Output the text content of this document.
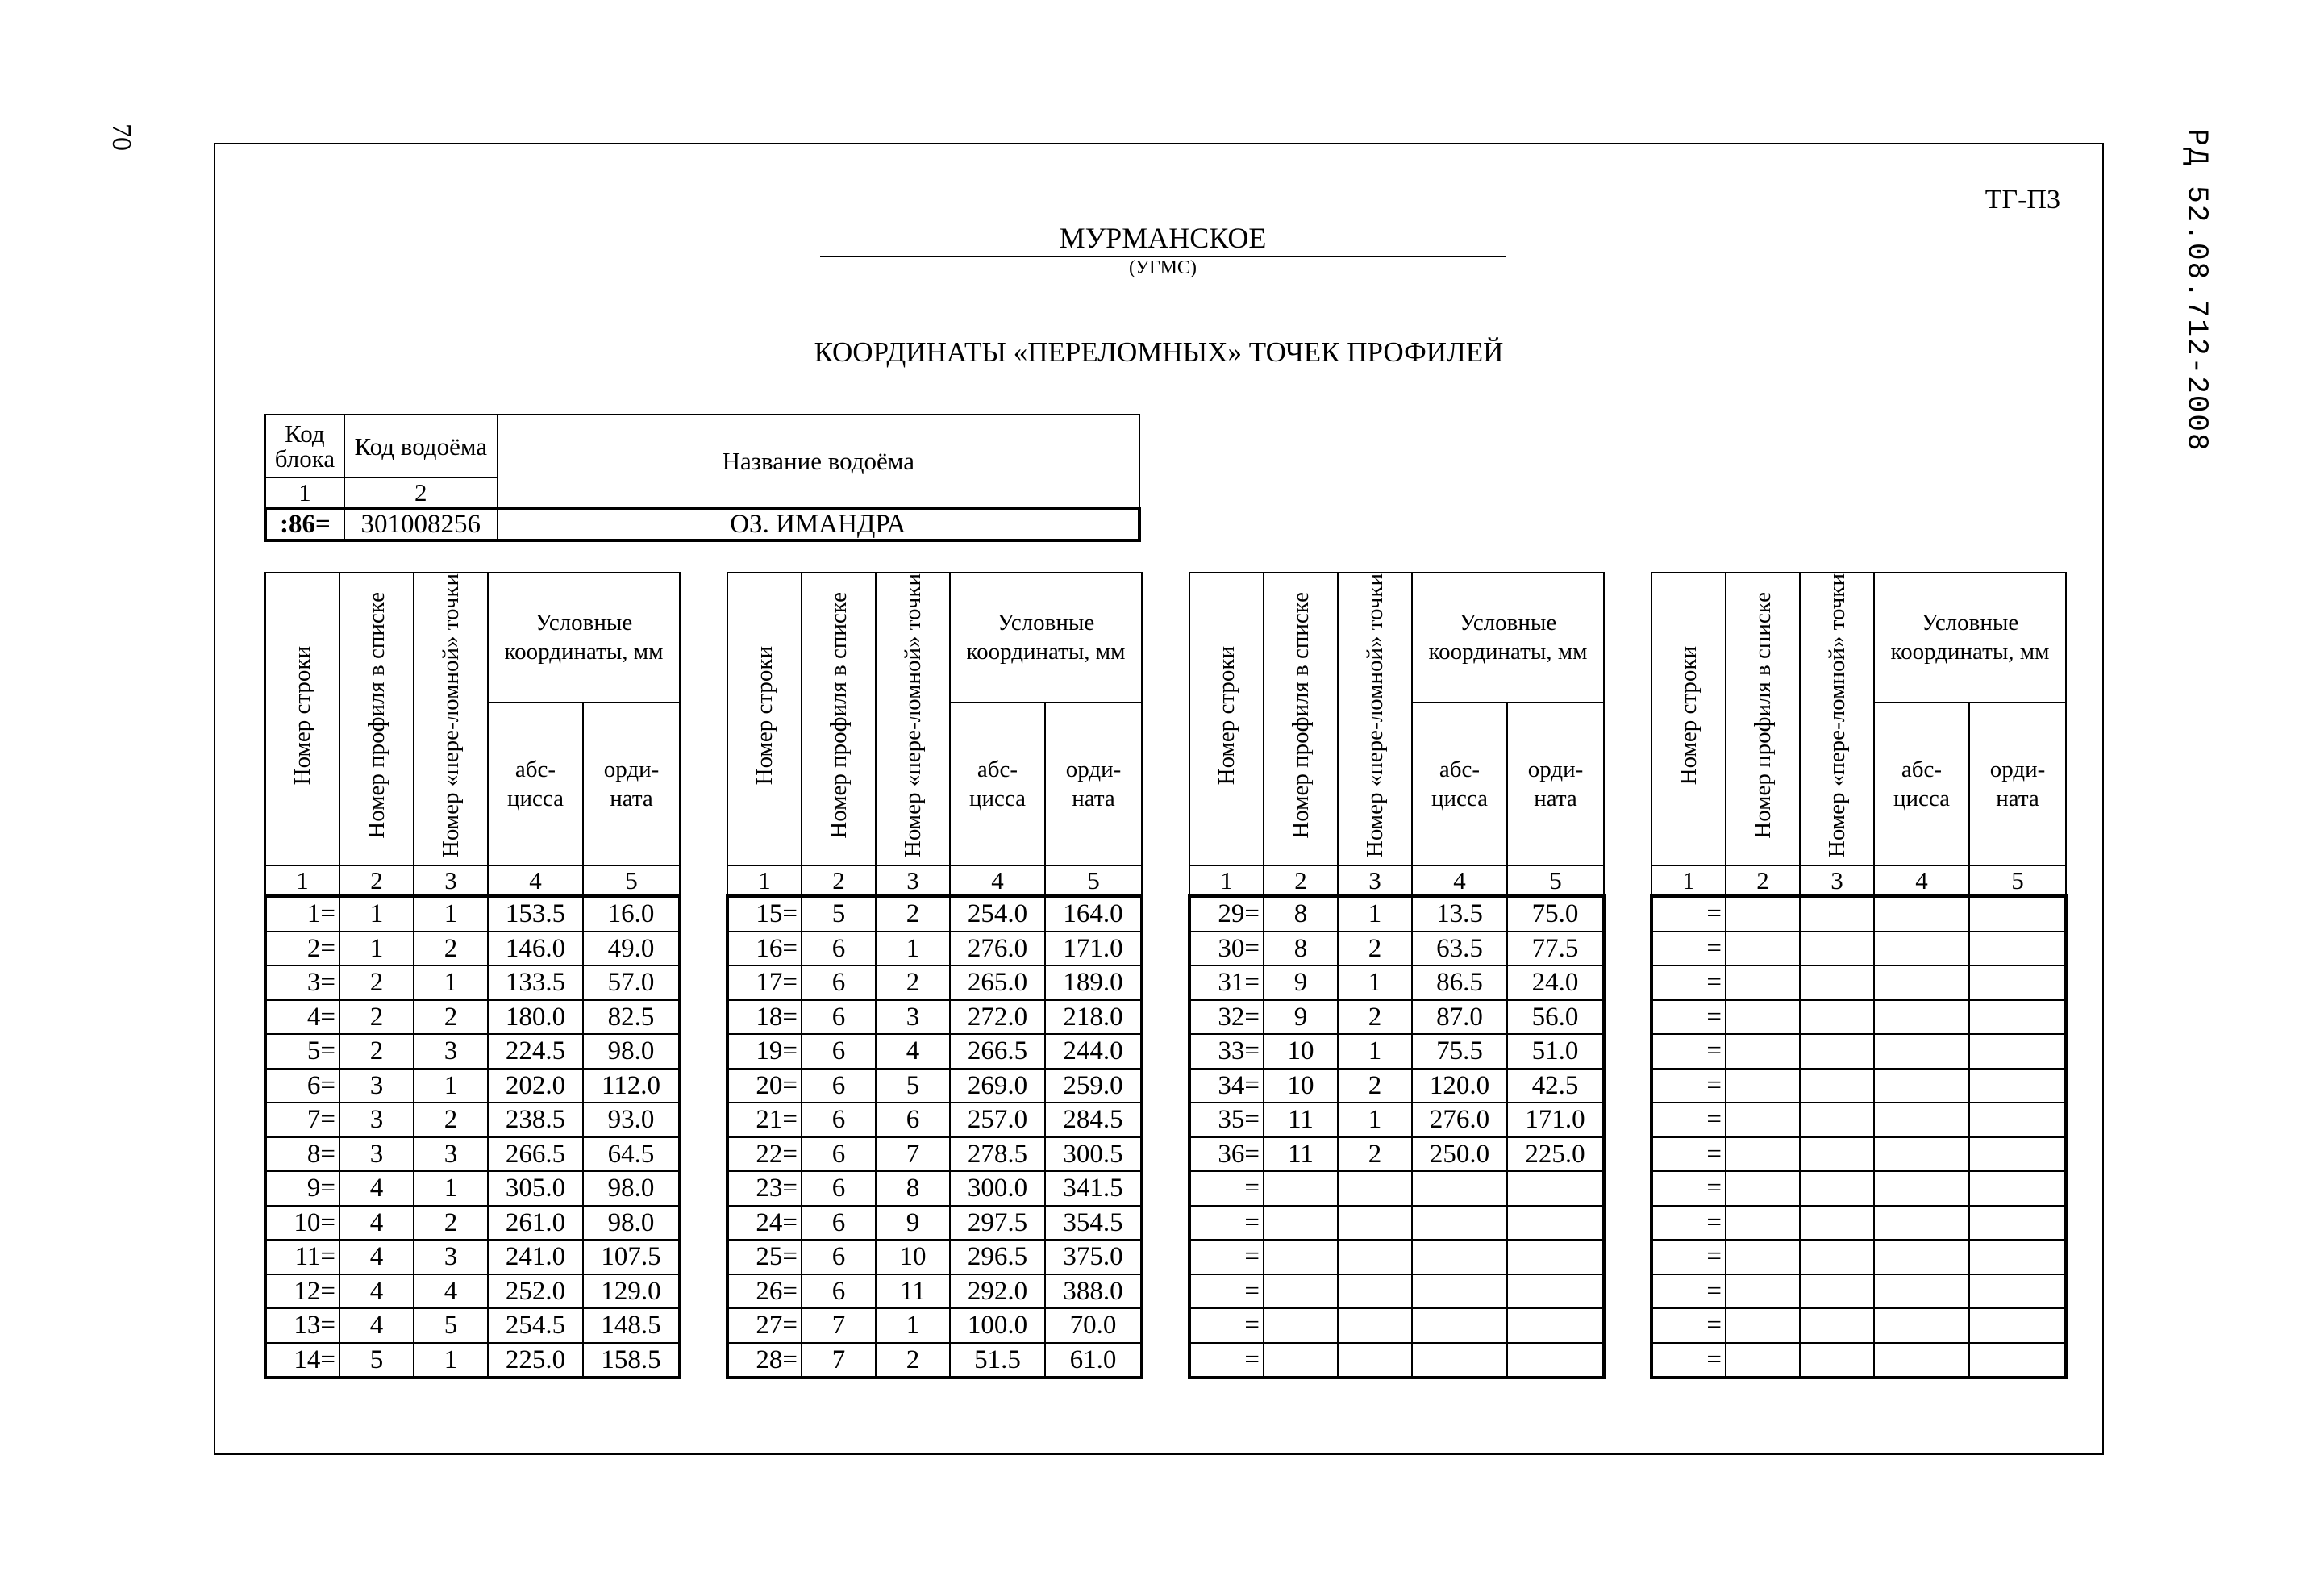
70	РД 52.08.712-2008
ТГ-П3
МУРМАНСКОЕ
(УГМС)
КООРДИНАТЫ «ПЕРЕЛОМНЫХ» ТОЧЕК ПРОФИЛЕЙ
Код блока	Код водоёма	Название водоёма
1	2	
:86=	301008256	ОЗ. ИМАНДРА
Номер строки	Номер профиля в списке	Номер «пере-ломной» точки	Условные координаты, мм	
			абс-цисса	орди-ната
1	2	3	4	5
1=	1	1	153.5	16.0
2=	1	2	146.0	49.0
3=	2	1	133.5	57.0
4=	2	2	180.0	82.5
5=	2	3	224.5	98.0
6=	3	1	202.0	112.0
7=	3	2	238.5	93.0
8=	3	3	266.5	64.5
9=	4	1	305.0	98.0
10=	4	2	261.0	98.0
11=	4	3	241.0	107.5
12=	4	4	252.0	129.0
13=	4	5	254.5	148.5
14=	5	1	225.0	158.5
Номер строки	Номер профиля в списке	Номер «пере-ломной» точки	Условные координаты, мм	
			абс-цисса	орди-ната
1	2	3	4	5
15=	5	2	254.0	164.0
16=	6	1	276.0	171.0
17=	6	2	265.0	189.0
18=	6	3	272.0	218.0
19=	6	4	266.5	244.0
20=	6	5	269.0	259.0
21=	6	6	257.0	284.5
22=	6	7	278.5	300.5
23=	6	8	300.0	341.5
24=	6	9	297.5	354.5
25=	6	10	296.5	375.0
26=	6	11	292.0	388.0
27=	7	1	100.0	70.0
28=	7	2	51.5	61.0
Номер строки	Номер профиля в списке	Номер «пере-ломной» точки	Условные координаты, мм	
			абс-цисса	орди-ната
1	2	3	4	5
29=	8	1	13.5	75.0
30=	8	2	63.5	77.5
31=	9	1	86.5	24.0
32=	9	2	87.0	56.0
33=	10	1	75.5	51.0
34=	10	2	120.0	42.5
35=	11	1	276.0	171.0
36=	11	2	250.0	225.0
=				
=				
=				
=				
=				
=				
Номер строки	Номер профиля в списке	Номер «пере-ломной» точки	Условные координаты, мм	
			абс-цисса	орди-ната
1	2	3	4	5
=				
=				
=				
=				
=				
=				
=				
=				
=				
=				
=				
=				
=				
=				
